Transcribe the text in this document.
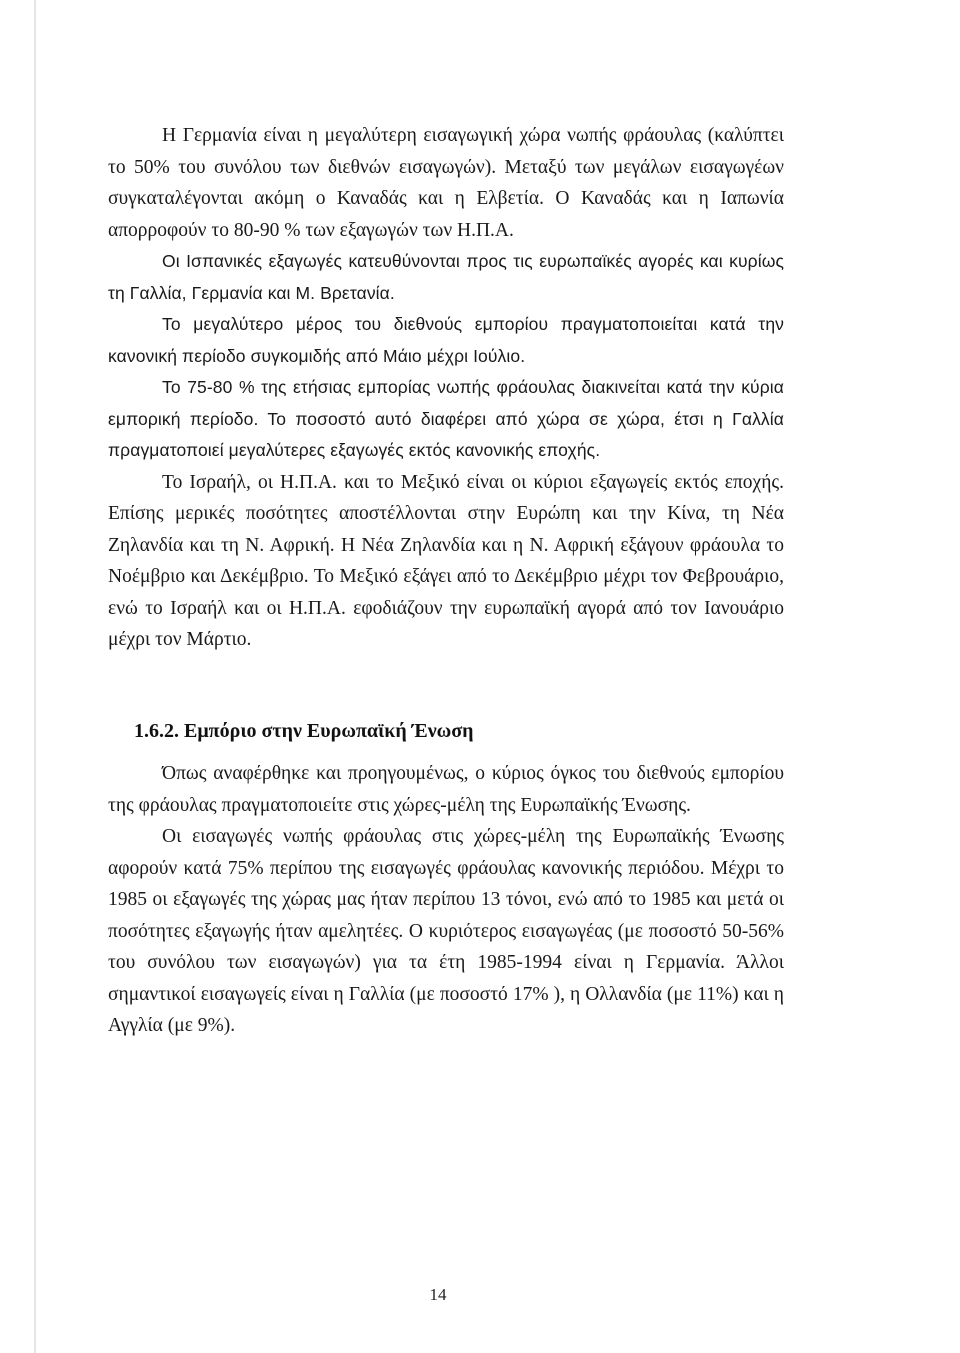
Η Γερμανία είναι η μεγαλύτερη εισαγωγική χώρα νωπής φράουλας (καλύπτει το 50% του συνόλου των διεθνών εισαγωγών). Μεταξύ των μεγάλων εισαγωγέων συγκαταλέγονται ακόμη ο Καναδάς και η Ελβετία. Ο Καναδάς και η Ιαπωνία απορροφούν το 80-90 % των εξαγωγών των Η.Π.Α.

Οι Ισπανικές εξαγωγές κατευθύνονται προς τις ευρωπαϊκές αγορές και κυρίως τη Γαλλία, Γερμανία και Μ. Βρετανία.

Το μεγαλύτερο μέρος του διεθνούς εμπορίου πραγματοποιείται κατά την κανονική περίοδο συγκομιδής από Μάιο μέχρι Ιούλιο.

Το 75-80 % της ετήσιας εμπορίας νωπής φράουλας διακινείται κατά την κύρια εμπορική περίοδο. Το ποσοστό αυτό διαφέρει από χώρα σε χώρα, έτσι η Γαλλία πραγματοποιεί μεγαλύτερες εξαγωγές εκτός κανονικής εποχής.

Το Ισραήλ, οι Η.Π.Α. και το Μεξικό είναι οι κύριοι εξαγωγείς εκτός εποχής. Επίσης μερικές ποσότητες αποστέλλονται στην Ευρώπη και την Κίνα, τη Νέα Ζηλανδία και τη Ν. Αφρική. Η Νέα Ζηλανδία και η Ν. Αφρική εξάγουν φράουλα το Νοέμβριο και Δεκέμβριο. Το Μεξικό εξάγει από το Δεκέμβριο μέχρι τον Φεβρουάριο, ενώ το Ισραήλ και οι Η.Π.Α. εφοδιάζουν την ευρωπαϊκή αγορά από τον Ιανουάριο μέχρι τον Μάρτιο.

1.6.2. Εμπόριο στην Ευρωπαϊκή Ένωση

Όπως αναφέρθηκε και προηγουμένως, ο κύριος όγκος του διεθνούς εμπορίου της φράουλας πραγματοποιείτε στις χώρες-μέλη της Ευρωπαϊκής Ένωσης.

Οι εισαγωγές νωπής φράουλας στις χώρες-μέλη της Ευρωπαϊκής Ένωσης αφορούν κατά 75% περίπου της εισαγωγές φράουλας κανονικής περιόδου. Μέχρι το 1985 οι εξαγωγές της χώρας μας ήταν περίπου 13 τόνοι, ενώ από το 1985 και μετά οι ποσότητες εξαγωγής ήταν αμελητέες. Ο κυριότερος εισαγωγέας (με ποσοστό 50-56% του συνόλου των εισαγωγών) για τα έτη 1985-1994 είναι η Γερμανία. Άλλοι σημαντικοί εισαγωγείς είναι η Γαλλία (με ποσοστό 17% ), η Ολλανδία (με 11%) και η Αγγλία (με 9%).

14
